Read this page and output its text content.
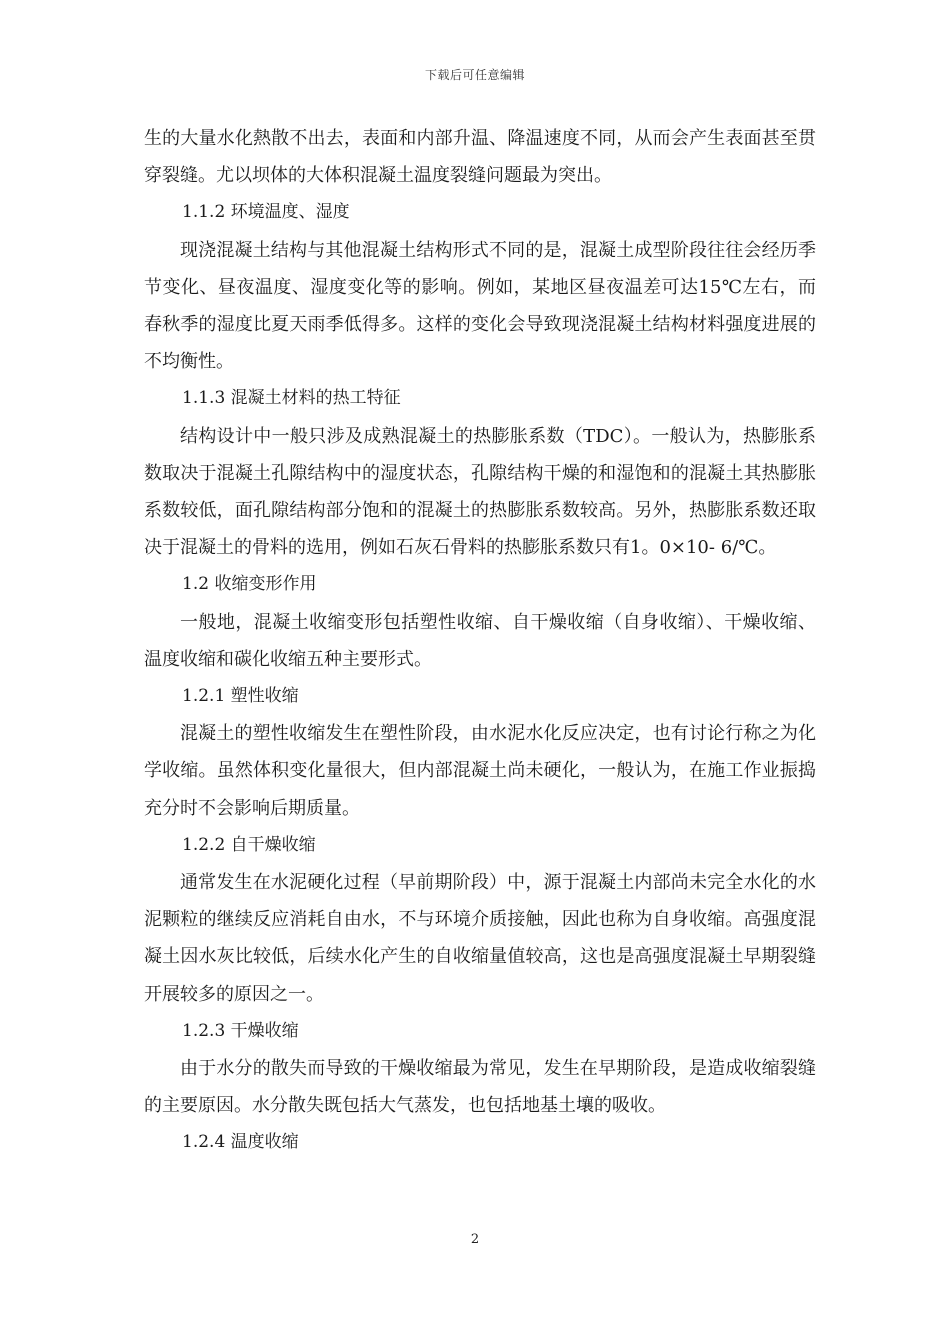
下载后可任意编辑

生的大量水化熱散不出去，表面和内部升温、降温速度不同，从而会产生表面甚至贯穿裂缝。尤以坝体的大体积混凝土温度裂缝问题最为突出。

1.1.2 环境温度、湿度

现浇混凝土结构与其他混凝土结构形式不同的是，混凝土成型阶段往往会经历季节变化、昼夜温度、湿度变化等的影响。例如，某地区昼夜温差可达15℃左右，而春秋季的湿度比夏天雨季低得多。这样的变化会导致现浇混凝土结构材料强度进展的不均衡性。

1.1.3 混凝土材料的热工特征

结构设计中一般只涉及成熟混凝土的热膨胀系数（TDC）。一般认为，热膨胀系数取决于混凝土孔隙结构中的湿度状态，孔隙结构干燥的和湿饱和的混凝土其热膨胀系数较低，面孔隙结构部分饱和的混凝土的热膨胀系数较高。另外，热膨胀系数还取决于混凝土的骨料的选用，例如石灰石骨料的热膨胀系数只有1。0×10- 6/℃。

1.2 收缩变形作用

一般地，混凝土收缩变形包括塑性收缩、自干燥收缩（自身收缩）、干燥收缩、温度收缩和碳化收缩五种主要形式。

1.2.1 塑性收缩

混凝土的塑性收缩发生在塑性阶段，由水泥水化反应决定，也有讨论行称之为化学收缩。虽然体积变化量很大，但内部混凝土尚未硬化，一般认为，在施工作业振捣充分时不会影响后期质量。

1.2.2 自干燥收缩

通常发生在水泥硬化过程（早前期阶段）中，源于混凝土内部尚未完全水化的水泥颗粒的继续反应消耗自由水，不与环境介质接触，因此也称为自身收缩。高强度混凝土因水灰比较低，后续水化产生的自收缩量值较高，这也是高强度混凝土早期裂缝开展较多的原因之一。

1.2.3 干燥收缩

由于水分的散失而导致的干燥收缩最为常见，发生在早期阶段，是造成收缩裂缝的主要原因。水分散失既包括大气蒸发，也包括地基土壤的吸收。

1.2.4 温度收缩

2
